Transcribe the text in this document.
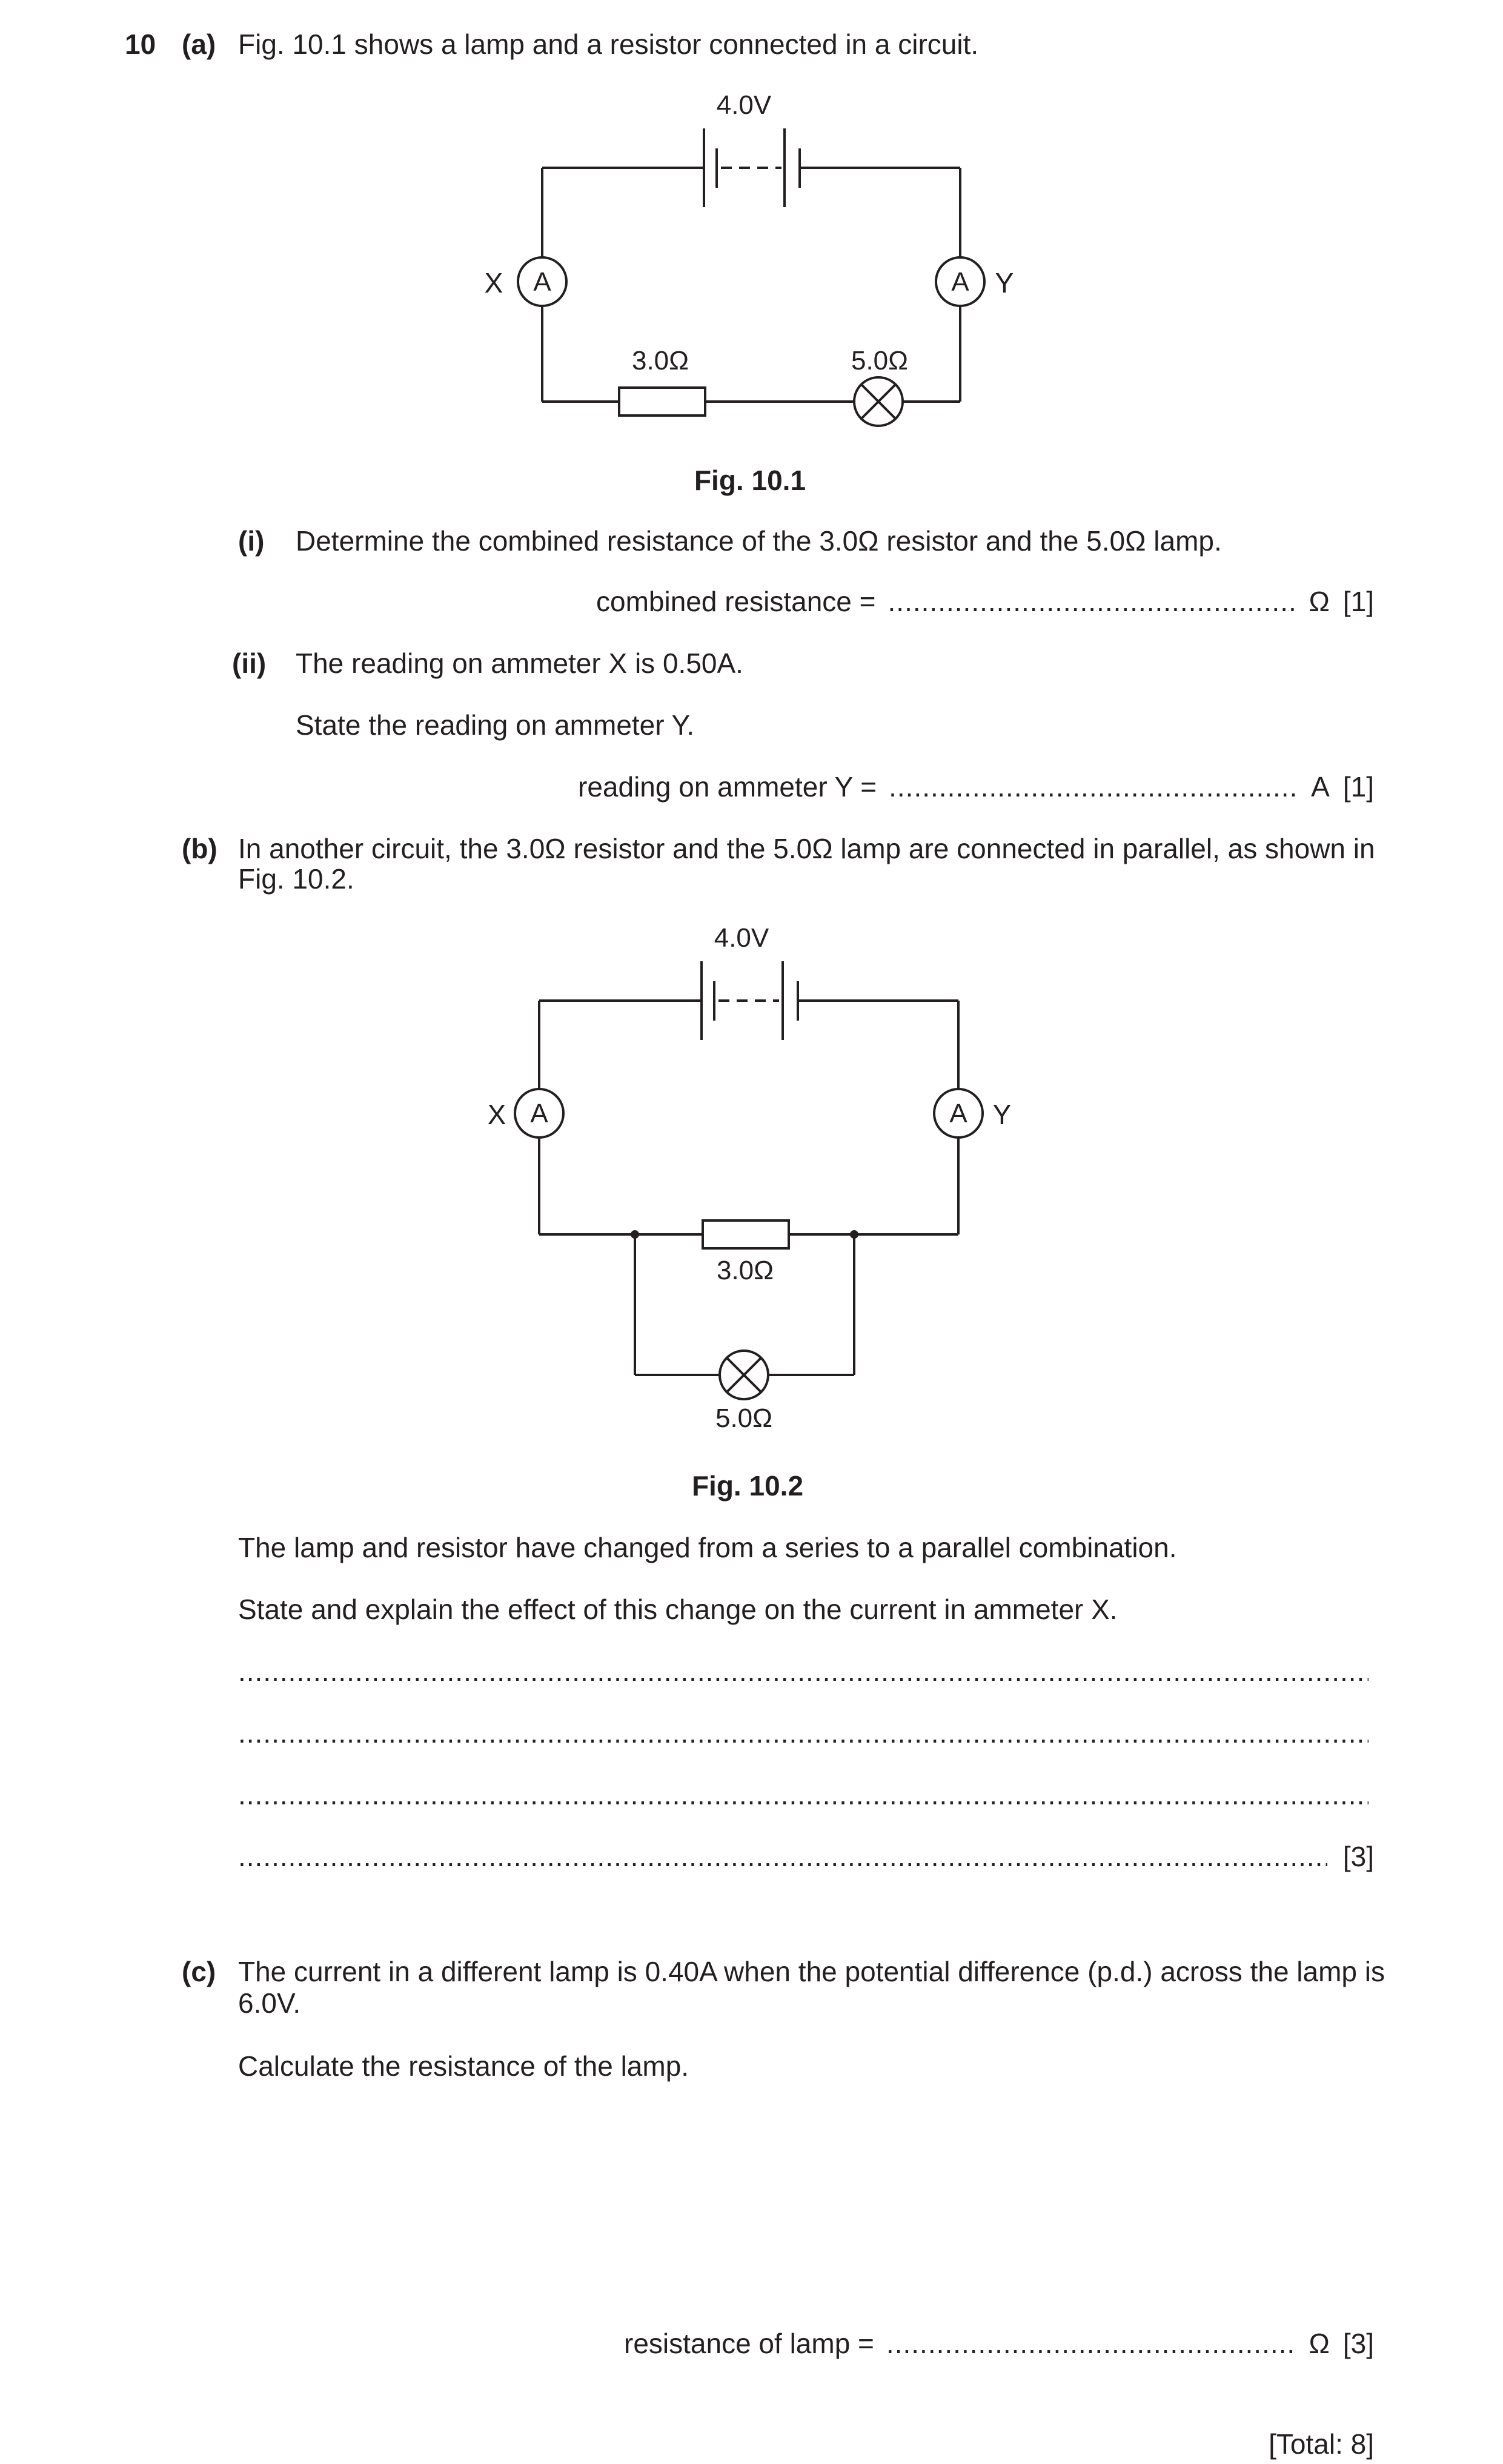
10 (a) Fig. 10.1 shows a lamp and a resistor connected in a circuit.
4.0V
A	A
X	Y
3.0Ω	5.0Ω
Fig. 10.1
(i) Determine the combined resistance of the 3.0Ω resistor and the 5.0Ω lamp.
combined resistance = .....	Ω [1]
(ii) The reading on ammeter X is 0.50A.
State the reading on ammeter Y.
reading on ammeter Y = .....	A [1]
(b) In another circuit, the 3.0Ω resistor and the 5.0Ω lamp are connected in parallel, as shown in
Fig. 10.2.
4.0V
A	A
X	Y
3.0Ω
5.0Ω
Fig. 10.2
The lamp and resistor have changed from a series to a parallel combination.
State and explain the effect of this change on the current in ammeter X.
.....
.....
.....
.....
[3]
(c) The current in a different lamp is 0.40A when the potential difference (p.d.) across the lamp is
6.0V.
Calculate the resistance of the lamp.
resistance of lamp = .....	Ω [3]
[Total: 8]
